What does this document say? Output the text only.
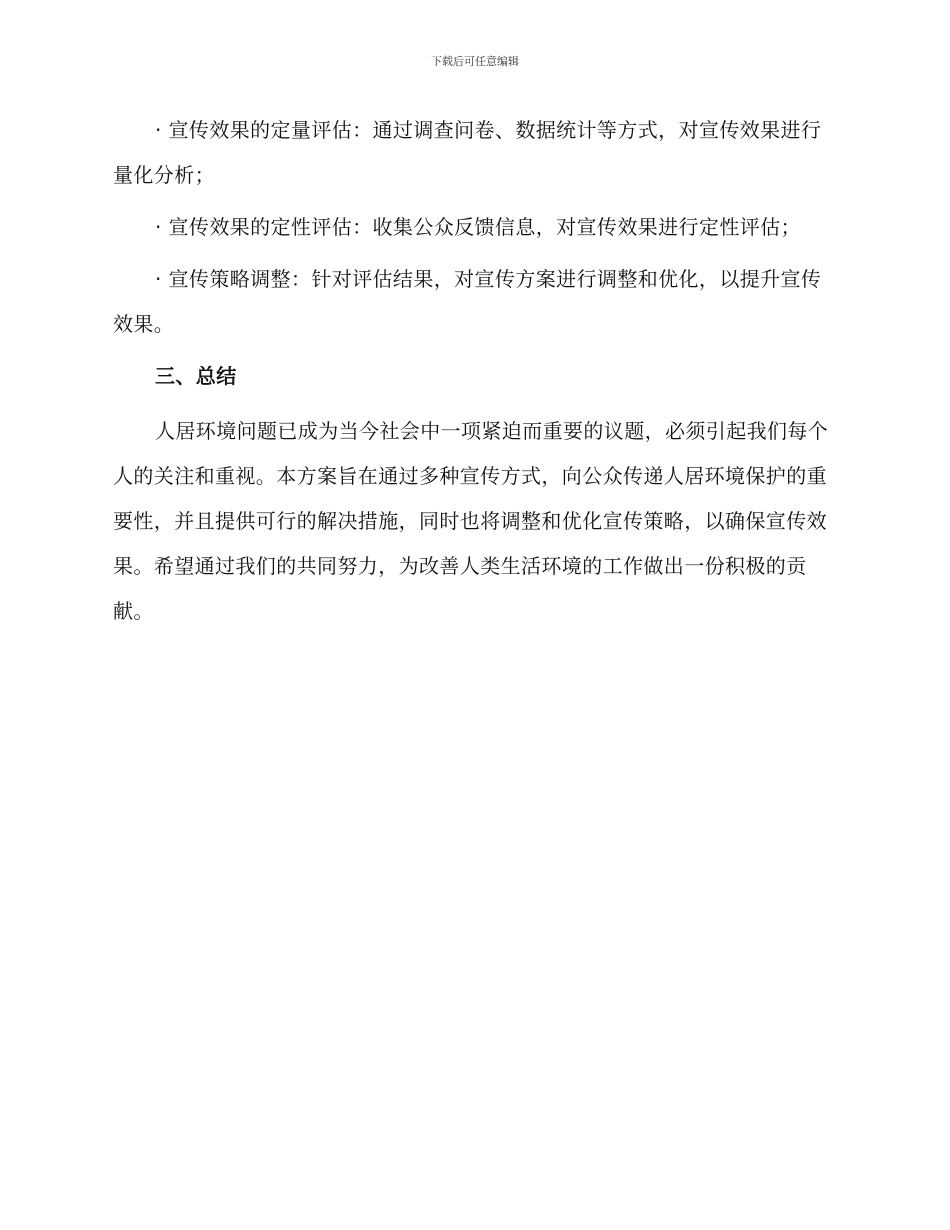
下载后可任意编辑

· 宣传效果的定量评估：通过调查问卷、数据统计等方式，对宣传效果进行量化分析；

· 宣传效果的定性评估：收集公众反馈信息，对宣传效果进行定性评估；

· 宣传策略调整：针对评估结果，对宣传方案进行调整和优化，以提升宣传效果。

三、总结

人居环境问题已成为当今社会中一项紧迫而重要的议题，必须引起我们每个人的关注和重视。本方案旨在通过多种宣传方式，向公众传递人居环境保护的重要性，并且提供可行的解决措施，同时也将调整和优化宣传策略，以确保宣传效果。希望通过我们的共同努力，为改善人类生活环境的工作做出一份积极的贡献。
